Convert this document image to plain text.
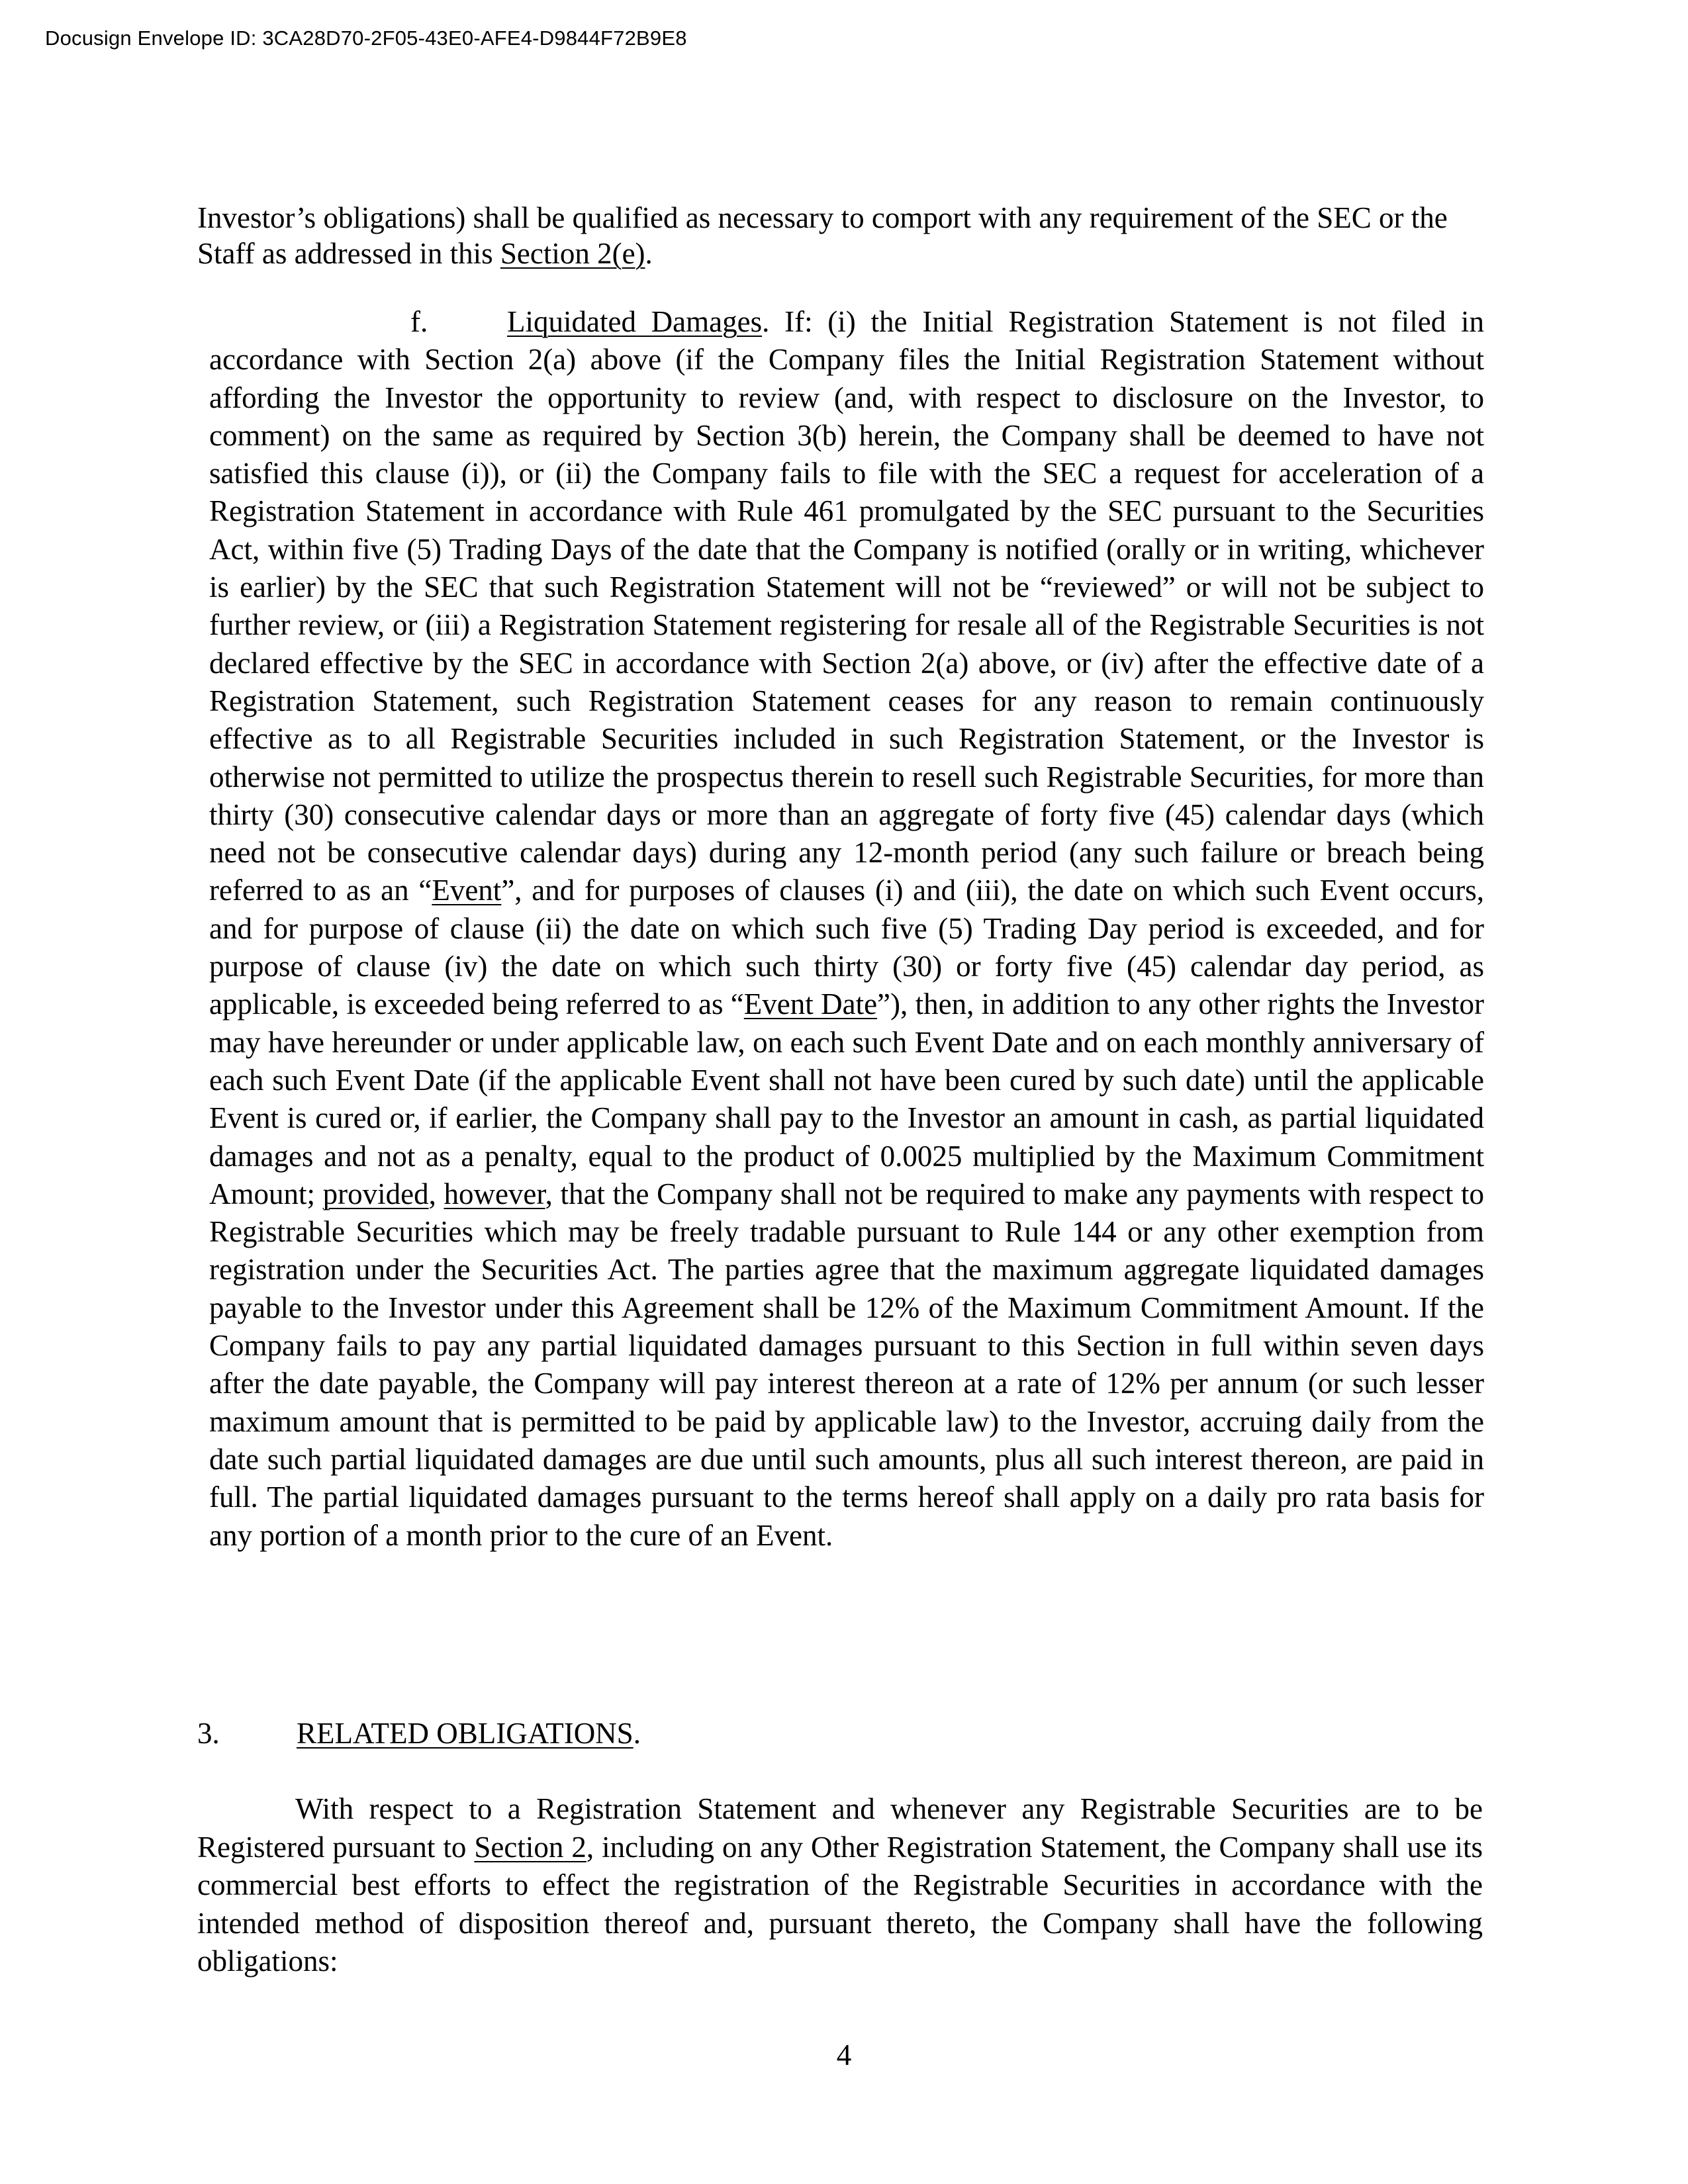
Docusign Envelope ID: 3CA28D70-2F05-43E0-AFE4-D9844F72B9E8

Investor’s obligations) shall be qualified as necessary to comport with any requirement of the SEC or the Staff as addressed in this Section 2(e).

f.	Liquidated Damages. If: (i) the Initial Registration Statement is not filed in accordance with Section 2(a) above (if the Company files the Initial Registration Statement without affording the Investor the opportunity to review (and, with respect to disclosure on the Investor, to comment) on the same as required by Section 3(b) herein, the Company shall be deemed to have not satisfied this clause (i)), or (ii) the Company fails to file with the SEC a request for acceleration of a Registration Statement in accordance with Rule 461 promulgated by the SEC pursuant to the Securities Act, within five (5) Trading Days of the date that the Company is notified (orally or in writing, whichever is earlier) by the SEC that such Registration Statement will not be “reviewed” or will not be subject to further review, or (iii) a Registration Statement registering for resale all of the Registrable Securities is not declared effective by the SEC in accordance with Section 2(a) above, or (iv) after the effective date of a Registration Statement, such Registration Statement ceases for any reason to remain continuously effective as to all Registrable Securities included in such Registration Statement, or the Investor is otherwise not permitted to utilize the prospectus therein to resell such Registrable Securities, for more than thirty (30) consecutive calendar days or more than an aggregate of forty five (45) calendar days (which need not be consecutive calendar days) during any 12-month period (any such failure or breach being referred to as an “Event”, and for purposes of clauses (i) and (iii), the date on which such Event occurs, and for purpose of clause (ii) the date on which such five (5) Trading Day period is exceeded, and for purpose of clause (iv) the date on which such thirty (30) or forty five (45) calendar day period, as applicable, is exceeded being referred to as “Event Date”), then, in addition to any other rights the Investor may have hereunder or under applicable law, on each such Event Date and on each monthly anniversary of each such Event Date (if the applicable Event shall not have been cured by such date) until the applicable Event is cured or, if earlier, the Company shall pay to the Investor an amount in cash, as partial liquidated damages and not as a penalty, equal to the product of 0.0025 multiplied by the Maximum Commitment Amount; provided, however, that the Company shall not be required to make any payments with respect to Registrable Securities which may be freely tradable pursuant to Rule 144 or any other exemption from registration under the Securities Act. The parties agree that the maximum aggregate liquidated damages payable to the Investor under this Agreement shall be 12% of the Maximum Commitment Amount. If the Company fails to pay any partial liquidated damages pursuant to this Section in full within seven days after the date payable, the Company will pay interest thereon at a rate of 12% per annum (or such lesser maximum amount that is permitted to be paid by applicable law) to the Investor, accruing daily from the date such partial liquidated damages are due until such amounts, plus all such interest thereon, are paid in full. The partial liquidated damages pursuant to the terms hereof shall apply on a daily pro rata basis for any portion of a month prior to the cure of an Event.

3.	RELATED OBLIGATIONS.

With respect to a Registration Statement and whenever any Registrable Securities are to be Registered pursuant to Section 2, including on any Other Registration Statement, the Company shall use its commercial best efforts to effect the registration of the Registrable Securities in accordance with the intended method of disposition thereof and, pursuant thereto, the Company shall have the following obligations:

4
